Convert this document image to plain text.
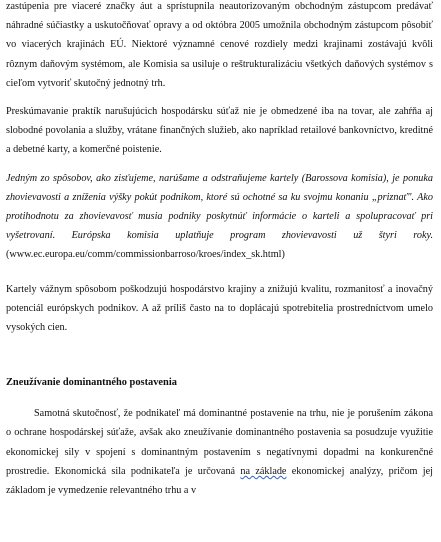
zastúpenia pre viaceré značky áut a sprístupnila neautorizovaným obchodným zástupcom predávať náhradné súčiastky a uskutočňovať opravy a od októbra 2005 umožnila obchodným zástupcom pôsobiť vo viacerých krajinách EÚ. Niektoré významné cenové rozdiely medzi krajinami zostávajú kvôli rôznym daňovým systémom, ale Komisia sa usiluje o reštrukturalizáciu všetkých daňových systémov s cieľom vytvoriť skutočný jednotný trh.

Preskúmavanie praktík narušujúcich hospodársku súťaž nie je obmedzené iba na tovar, ale zahŕňa aj slobodné povolania a služby, vrátane finančných služieb, ako napríklad retailové bankovníctvo, kreditné a debetné karty, a komerčné poistenie.

Jedným zo spôsobov, ako zisťujeme, narúšame a odstraňujeme kartely (Barossova komisia), je ponuka zhovievavosti a zníženia výšky pokút podnikom, ktoré sú ochotné sa ku svojmu konaniu „priznať". Ako protihodnotu za zhovievavosť musia podniky poskytnúť informácie o karteli a spolupracovať pri vyšetrovaní. Európska komisia uplatňuje program zhovievavosti už štyri roky. (www.ec.europa.eu/comm/commissionbarroso/kroes/index_sk.html)

Kartely vážnym spôsobom poškodzujú hospodárstvo krajiny a znižujú kvalitu, rozmanitosť a inovačný potenciál európskych podnikov. A až príliš často na to doplácajú spotrebitelia prostredníctvom umelo vysokých cien.

Zneužívanie dominantného postavenia

Samotná skutočnosť, že podnikateľ má dominantné postavenie na trhu, nie je porušením zákona o ochrane hospodárskej súťaže, avšak ako zneužívanie dominantného postavenia sa posudzuje využitie ekonomickej sily v spojení s dominantným postavením s negatívnymi dopadmi na konkurenčné prostredie. Ekonomická sila podnikateľa je určovaná na základe ekonomickej analýzy, pričom jej základom je vymedzenie relevantného trhu a v
